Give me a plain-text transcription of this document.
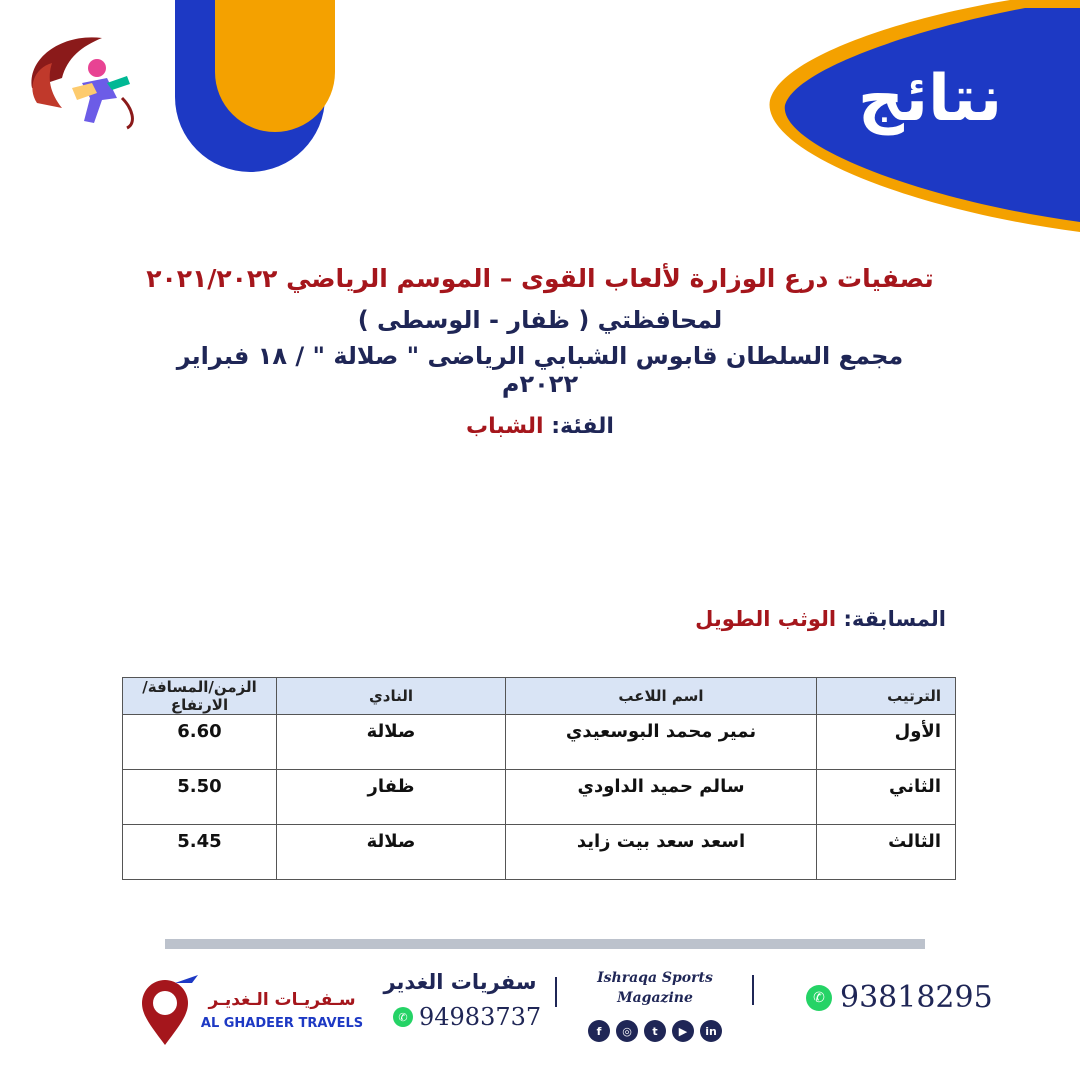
نتائج
تصفيات درع الوزارة لألعاب القوى – الموسم الرياضي ٢٠٢١/٢٠٢٢
لمحافظتي ( ظفار - الوسطى )
مجمع السلطان قابوس الشبابي الرياضى " صلالة " / ١٨ فبراير ٢٠٢٢م
الفئة: الشباب
المسابقة: الوثب الطويل
الترتيب	اسم اللاعب	النادي	الزمن/المسافة/الارتفاع
الأول	نمير محمد البوسعيدي	صلالة	6.60
الثاني	سالم حميد الداودي	ظفار	5.50
الثالث	اسعد سعد بيت زايد	صلالة	5.45
سـفريـات الـغديـر
AL GHADEER TRAVELS
سفريات الغدير
✆ 94983737
Ishraqa Sports
Magazine
f	◎	t	▶	in
✆ 93818295
